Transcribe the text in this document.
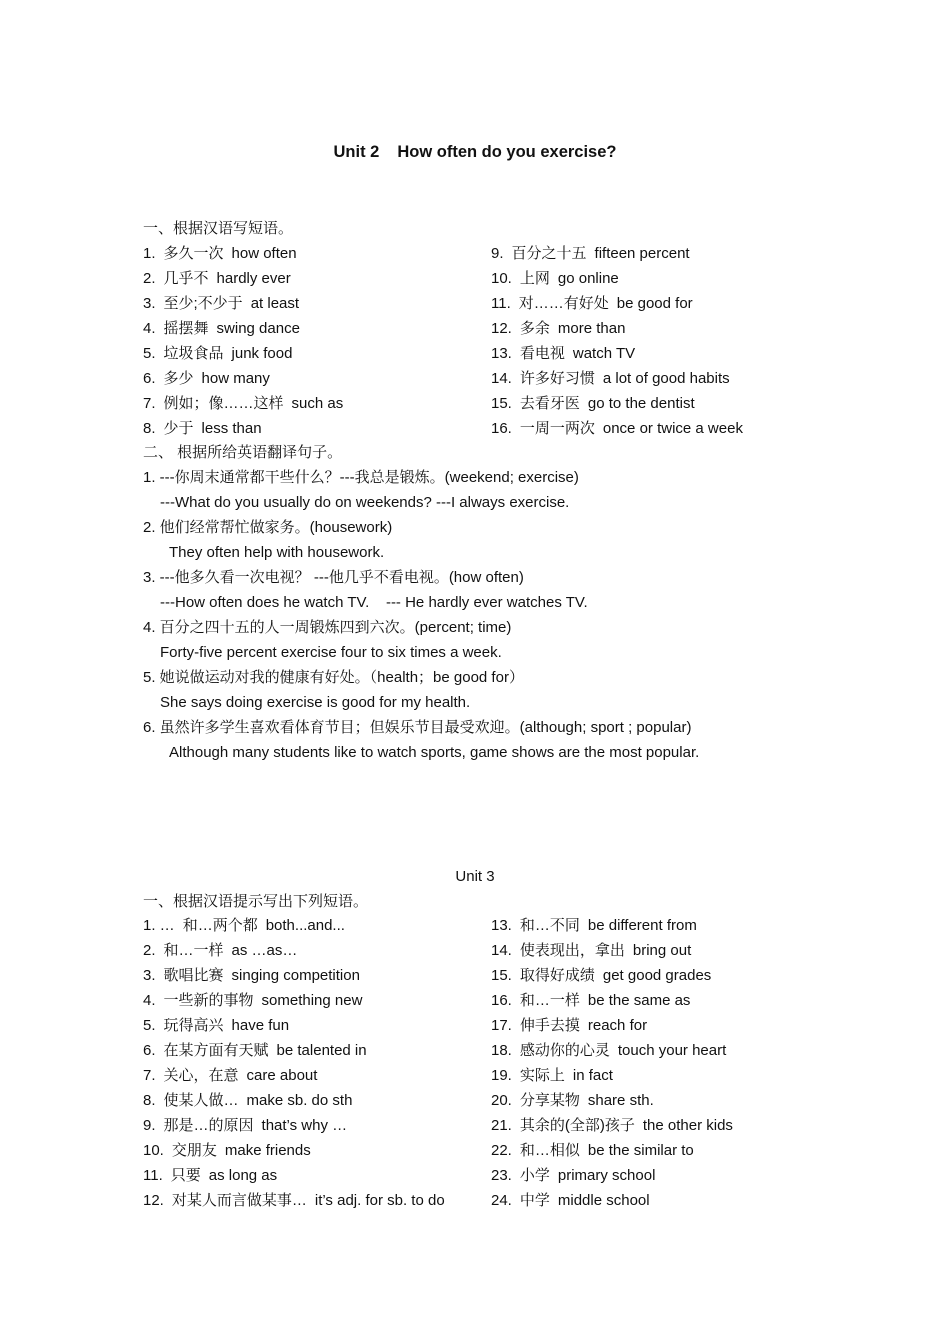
Unit 2 How often do you exercise?
一、根据汉语写短语。
1. 多久一次 how often
2. 几乎不 hardly ever
3. 至少;不少于 at least
4. 摇摆舞 swing dance
5. 垃圾食品 junk food
6. 多少 how many
7. 例如；像……这样 such as
8. 少于 less than
9. 百分之十五 fifteen percent
10. 上网 go online
11. 对……有好处 be good for
12. 多余 more than
13. 看电视 watch TV
14. 许多好习惯 a lot of good habits
15. 去看牙医 go to the dentist
16. 一周一两次 once or twice a week
二、 根据所给英语翻译句子。
1. ---你周末通常都干些什么？---我总是锻炼。(weekend; exercise)
---What do you usually do on weekends? ---I always exercise.
2. 他们经常帮忙做家务。(housework)
They often help with housework.
3. ---他多久看一次电视？ ---他几乎不看电视。(how often)
---How often does he watch TV.    --- He hardly ever watches TV.
4. 百分之四十五的人一周锻炼四到六次。(percent; time)
Forty-five percent exercise four to six times a week.
5. 她说做运动对我的健康有好处。（health；be good for）
She says doing exercise is good for my health.
6. 虽然许多学生喜欢看体育节目；但娱乐节目最受欢迎。(although; sport ; popular)
Although many students like to watch sports, game shows are the most popular.
Unit 3
一、根据汉语提示写出下列短语。
1. … 和…两个都 both...and...
2. 和…一样 as …as…
3. 歌唱比赛 singing competition
4. 一些新的事物 something new
5. 玩得高兴 have fun
6. 在某方面有天赋 be talented in
7. 关心，在意 care about
8. 使某人做… make sb. do sth
9. 那是…的原因 that’s why …
10. 交朋友 make friends
11. 只要 as long as
12. 对某人而言做某事… it’s adj. for sb. to do
13. 和…不同 be different from
14. 使表现出，拿出 bring out
15. 取得好成绩 get good grades
16. 和…一样 be the same as
17. 伸手去摸 reach for
18. 感动你的心灵 touch your heart
19. 实际上 in fact
20. 分享某物 share sth.
21. 其余的(全部)孩子 the other kids
22. 和…相似 be the similar to
23. 小学 primary school
24. 中学 middle school
